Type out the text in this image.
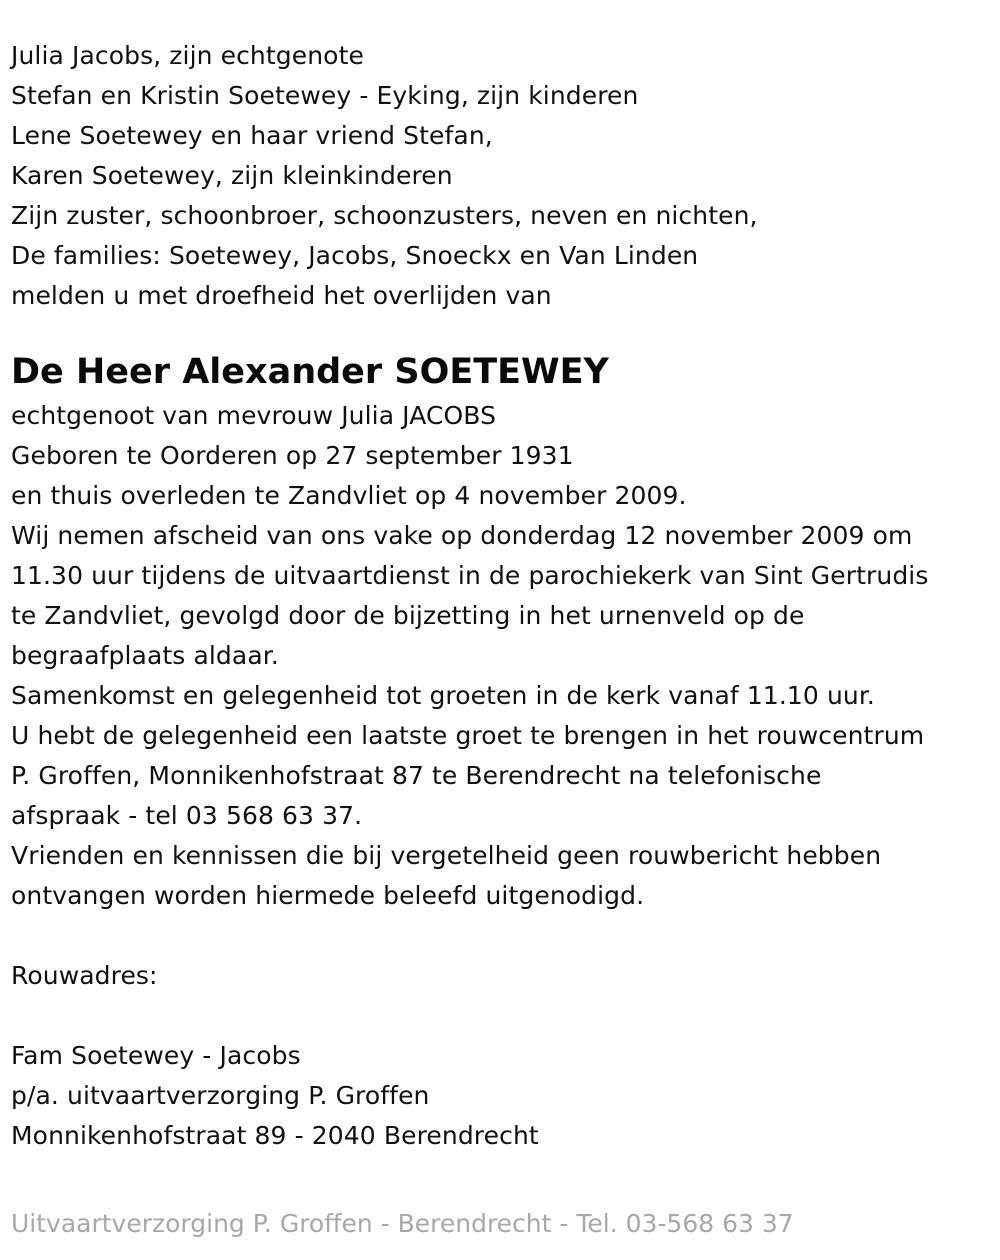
Julia Jacobs, zijn echtgenote
Stefan en Kristin Soetewey - Eyking, zijn kinderen
Lene Soetewey en haar vriend Stefan,
Karen Soetewey, zijn kleinkinderen
Zijn zuster, schoonbroer, schoonzusters, neven en nichten,
De families: Soetewey, Jacobs, Snoeckx en Van Linden
melden u met droefheid het overlijden van
De Heer Alexander SOETEWEY
echtgenoot van mevrouw Julia JACOBS
Geboren te Oorderen op 27 september 1931
en thuis overleden te Zandvliet op 4 november 2009.
Wij nemen afscheid van ons vake op donderdag 12 november 2009 om
11.30 uur tijdens de uitvaartdienst in de parochiekerk van Sint Gertrudis
te Zandvliet, gevolgd door de bijzetting in het urnenveld op de
begraafplaats aldaar.
Samenkomst en gelegenheid tot groeten in de kerk vanaf 11.10 uur.
U hebt de gelegenheid een laatste groet te brengen in het rouwcentrum
P. Groffen, Monnikenhofstraat 87 te Berendrecht na telefonische
afspraak - tel 03 568 63 37.
Vrienden en kennissen die bij vergetelheid geen rouwbericht hebben
ontvangen worden hiermede beleefd uitgenodigd.
Rouwadres:
Fam Soetewey - Jacobs
p/a. uitvaartverzorging P. Groffen
Monnikenhofstraat 89 - 2040 Berendrecht
Uitvaartverzorging P. Groffen - Berendrecht - Tel. 03-568 63 37
